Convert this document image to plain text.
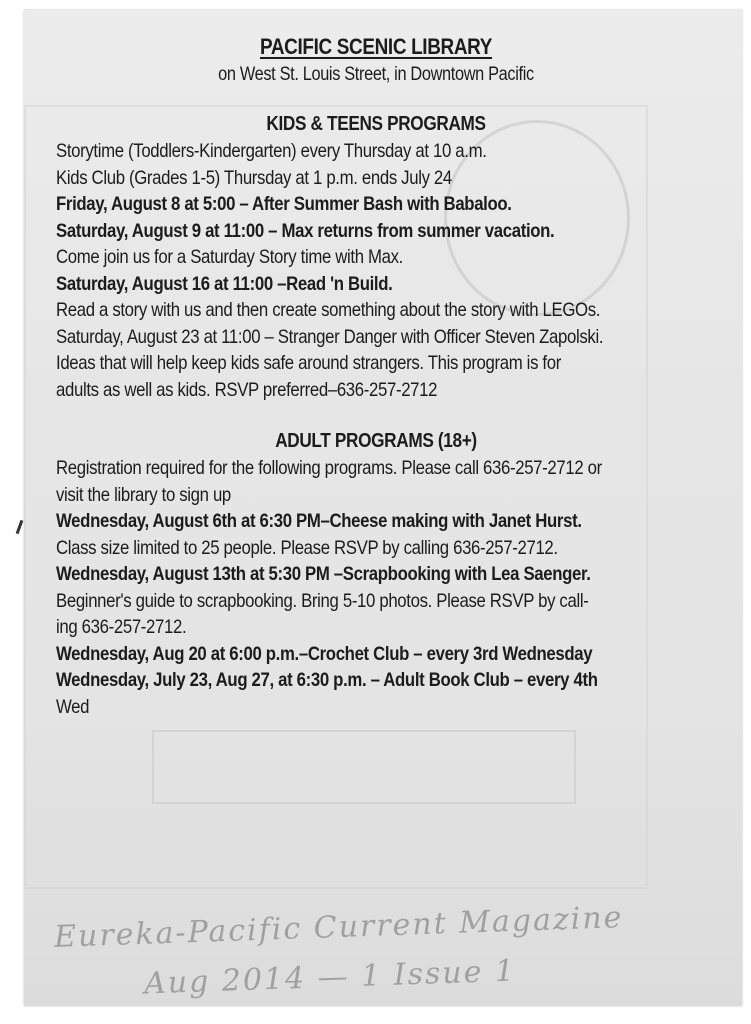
PACIFIC SCENIC LIBRARY

on West St. Louis Street, in Downtown Pacific

KIDS & TEENS PROGRAMS
Storytime (Toddlers-Kindergarten) every Thursday at 10 a.m.
Kids Club (Grades 1-5) Thursday at 1 p.m. ends July 24
Friday, August 8 at 5:00 – After Summer Bash with Babaloo.
Saturday, August 9 at 11:00 – Max returns from summer vacation.
Come join us for a Saturday Story time with Max.
Saturday, August 16 at 11:00 –Read 'n Build.
Read a story with us and then create something about the story with LEGOs.
Saturday, August 23 at 11:00 – Stranger Danger with Officer Steven Zapolski.
Ideas that will help keep kids safe around strangers. This program is for
adults as well as kids. RSVP preferred–636-257-2712
ADULT PROGRAMS (18+)
Registration required for the following programs. Please call 636-257-2712 or
visit the library to sign up
Wednesday, August 6th at 6:30 PM–Cheese making with Janet Hurst.
Class size limited to 25 people. Please RSVP by calling 636-257-2712.
Wednesday, August 13th at 5:30 PM –Scrapbooking with Lea Saenger.
Beginner's guide to scrapbooking. Bring 5-10 photos. Please RSVP by call-
ing 636-257-2712.
Wednesday, Aug 20 at 6:00 p.m.–Crochet Club – every 3rd Wednesday
Wednesday, July 23, Aug 27, at 6:30 p.m. – Adult Book Club – every 4th
Wed
Eureka-Pacific Current Magazine
Aug 2014 — 1 Issue 1
